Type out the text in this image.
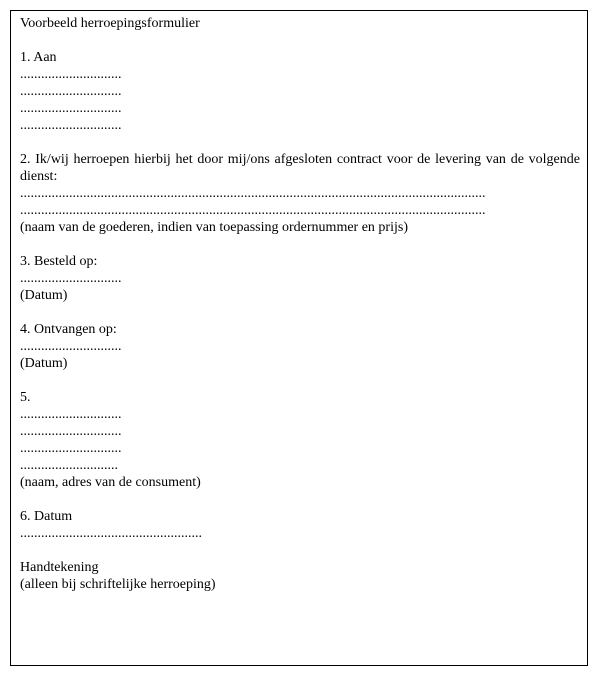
Voorbeeld herroepingsformulier
1. Aan
.............................
.............................
.............................
.............................
2. Ik/wij herroepen hierbij het door mij/ons afgesloten contract voor de levering van de volgende dienst:
.....................................................................................................................................
.....................................................................................................................................
(naam van de goederen, indien van toepassing ordernummer en prijs)
3. Besteld op:
.............................
(Datum)
4. Ontvangen op:
.............................
(Datum)
5.
.............................
.............................
.............................
............................
(naam, adres van de consument)
6. Datum
....................................................
Handtekening
(alleen bij schriftelijke herroeping)
